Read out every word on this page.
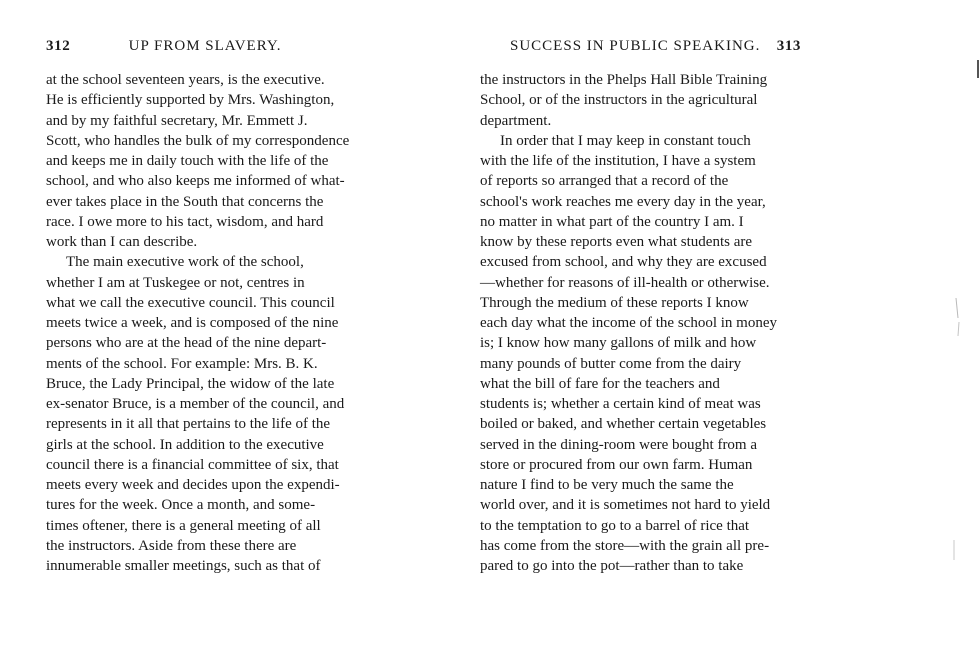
312	UP FROM SLAVERY.
at the school seventeen years, is the executive.
He is efficiently supported by Mrs. Washington,
and by my faithful secretary, Mr. Emmett J.
Scott, who handles the bulk of my correspondence
and keeps me in daily touch with the life of the
school, and who also keeps me informed of what-
ever takes place in the South that concerns the
race. I owe more to his tact, wisdom, and hard
work than I can describe.
The main executive work of the school,
whether I am at Tuskegee or not, centres in
what we call the executive council. This council
meets twice a week, and is composed of the nine
persons who are at the head of the nine depart-
ments of the school. For example: Mrs. B. K.
Bruce, the Lady Principal, the widow of the late
ex-senator Bruce, is a member of the council, and
represents in it all that pertains to the life of the
girls at the school. In addition to the executive
council there is a financial committee of six, that
meets every week and decides upon the expendi-
tures for the week. Once a month, and some-
times oftener, there is a general meeting of all
the instructors. Aside from these there are
innumerable smaller meetings, such as that of
SUCCESS IN PUBLIC SPEAKING. 313
the instructors in the Phelps Hall Bible Training
School, or of the instructors in the agricultural
department.
In order that I may keep in constant touch
with the life of the institution, I have a system
of reports so arranged that a record of the
school's work reaches me every day in the year,
no matter in what part of the country I am. I
know by these reports even what students are
excused from school, and why they are excused
—whether for reasons of ill-health or otherwise.
Through the medium of these reports I know
each day what the income of the school in money
is; I know how many gallons of milk and how
many pounds of butter come from the dairy
what the bill of fare for the teachers and
students is; whether a certain kind of meat was
boiled or baked, and whether certain vegetables
served in the dining-room were bought from a
store or procured from our own farm. Human
nature I find to be very much the same the
world over, and it is sometimes not hard to yield
to the temptation to go to a barrel of rice that
has come from the store—with the grain all pre-
pared to go into the pot—rather than to take
